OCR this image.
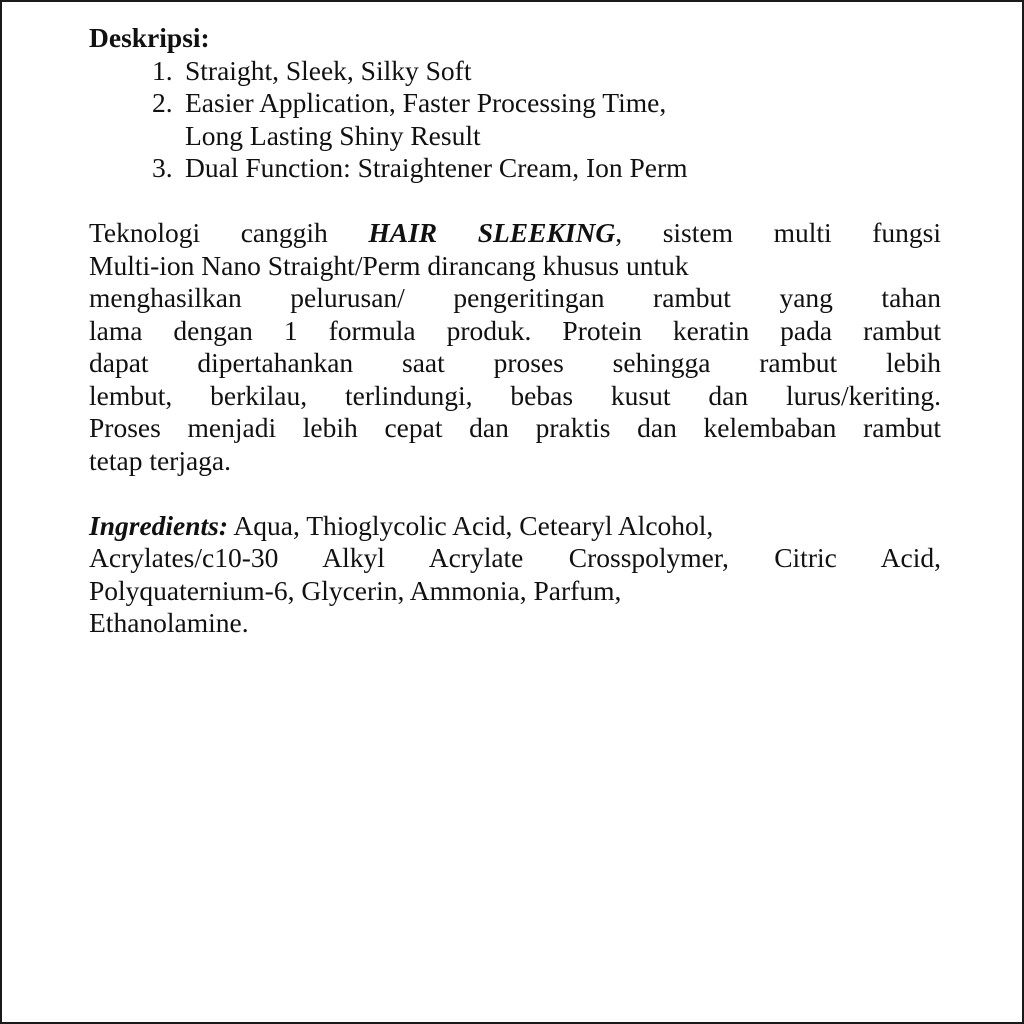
Deskripsi:

1. Straight, Sleek, Silky Soft
2. Easier Application, Faster Processing Time,
Long Lasting Shiny Result
3. Dual Function: Straightener Cream, Ion Perm
Teknologi canggih HAIR SLEEKING, sistem multi fungsi
Multi-ion Nano Straight/Perm dirancang khusus untuk
menghasilkan pelurusan/ pengeritingan rambut yang tahan
lama dengan 1 formula produk. Protein keratin pada rambut
dapat dipertahankan saat proses sehingga rambut lebih
lembut, berkilau, terlindungi, bebas kusut dan lurus/keriting.
Proses menjadi lebih cepat dan praktis dan kelembaban rambut
tetap terjaga.
Ingredients: Aqua, Thioglycolic Acid, Cetearyl Alcohol,
Acrylates/c10-30 Alkyl Acrylate Crosspolymer, Citric Acid,
Polyquaternium-6, Glycerin, Ammonia, Parfum,
Ethanolamine.
